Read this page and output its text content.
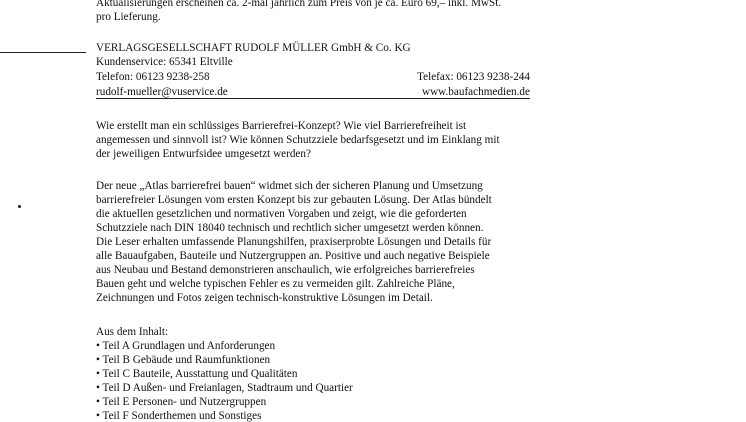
Aktualisierungen erscheinen ca. 2-mal jährlich zum Preis von je ca. Euro 69,– inkl. MwSt.
pro Lieferung.
VERLAGSGESELLSCHAFT RUDOLF MÜLLER GmbH & Co. KG
Kundenservice: 65341 Eltville
Telefon: 06123 9238-258	Telefax: 06123 9238-244
rudolf-mueller@vuservice.de	www.baufachmedien.de
Wie erstellt man ein schlüssiges Barrierefrei-Konzept? Wie viel Barrierefreiheit ist
angemessen und sinnvoll ist? Wie können Schutzziele bedarfsgesetzt und im Einklang mit
der jeweiligen Entwurfsidee umgesetzt werden?
Der neue „Atlas barrierefrei bauen“ widmet sich der sicheren Planung und Umsetzung
barrierefreier Lösungen vom ersten Konzept bis zur gebauten Lösung. Der Atlas bündelt
die aktuellen gesetzlichen und normativen Vorgaben und zeigt, wie die geforderten
Schutzziele nach DIN 18040 technisch und rechtlich sicher umgesetzt werden können.
Die Leser erhalten umfassende Planungshilfen, praxiserprobte Lösungen und Details für
alle Bauaufgaben, Bauteile und Nutzergruppen an. Positive und auch negative Beispiele
aus Neubau und Bestand demonstrieren anschaulich, wie erfolgreiches barrierefreies
Bauen geht und welche typischen Fehler es zu vermeiden gilt. Zahlreiche Pläne,
Zeichnungen und Fotos zeigen technisch-konstruktive Lösungen im Detail.
Aus dem Inhalt:
• Teil A Grundlagen und Anforderungen
• Teil B Gebäude und Raumfunktionen
• Teil C Bauteile, Ausstattung und Qualitäten
• Teil D Außen- und Freianlagen, Stadtraum und Quartier
• Teil E Personen- und Nutzergruppen
• Teil F Sonderthemen und Sonstiges
